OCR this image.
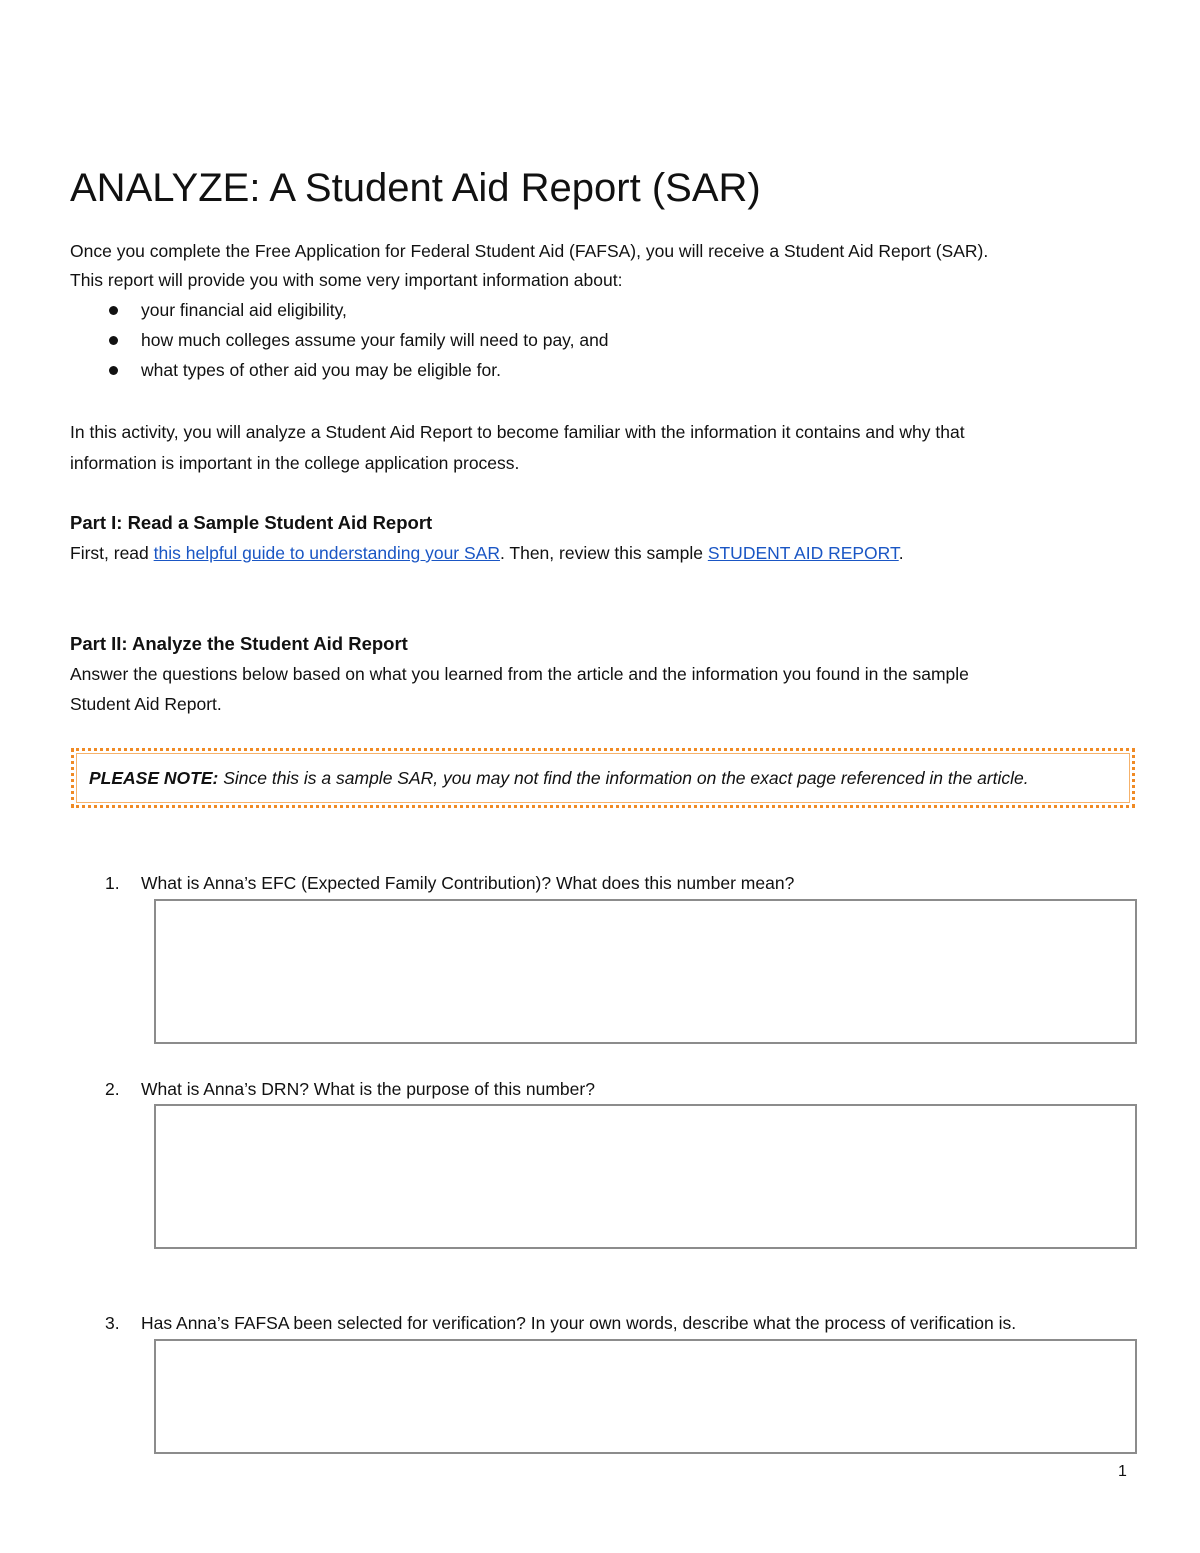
ANALYZE: A Student Aid Report (SAR)
Once you complete the Free Application for Federal Student Aid (FAFSA), you will receive a Student Aid Report (SAR).
This report will provide you with some very important information about:
your financial aid eligibility,
how much colleges assume your family will need to pay, and
what types of other aid you may be eligible for.
In this activity, you will analyze a Student Aid Report to become familiar with the information it contains and why that
information is important in the college application process.
Part I: Read a Sample Student Aid Report
First, read this helpful guide to understanding your SAR. Then, review this sample STUDENT AID REPORT.
Part II: Analyze the Student Aid Report
Answer the questions below based on what you learned from the article and the information you found in the sample
Student Aid Report.
PLEASE NOTE: Since this is a sample SAR, you may not find the information on the exact page referenced in the article.
1. What is Anna’s EFC (Expected Family Contribution)? What does this number mean?
2. What is Anna’s DRN? What is the purpose of this number?
3. Has Anna’s FAFSA been selected for verification? In your own words, describe what the process of verification is.
1
